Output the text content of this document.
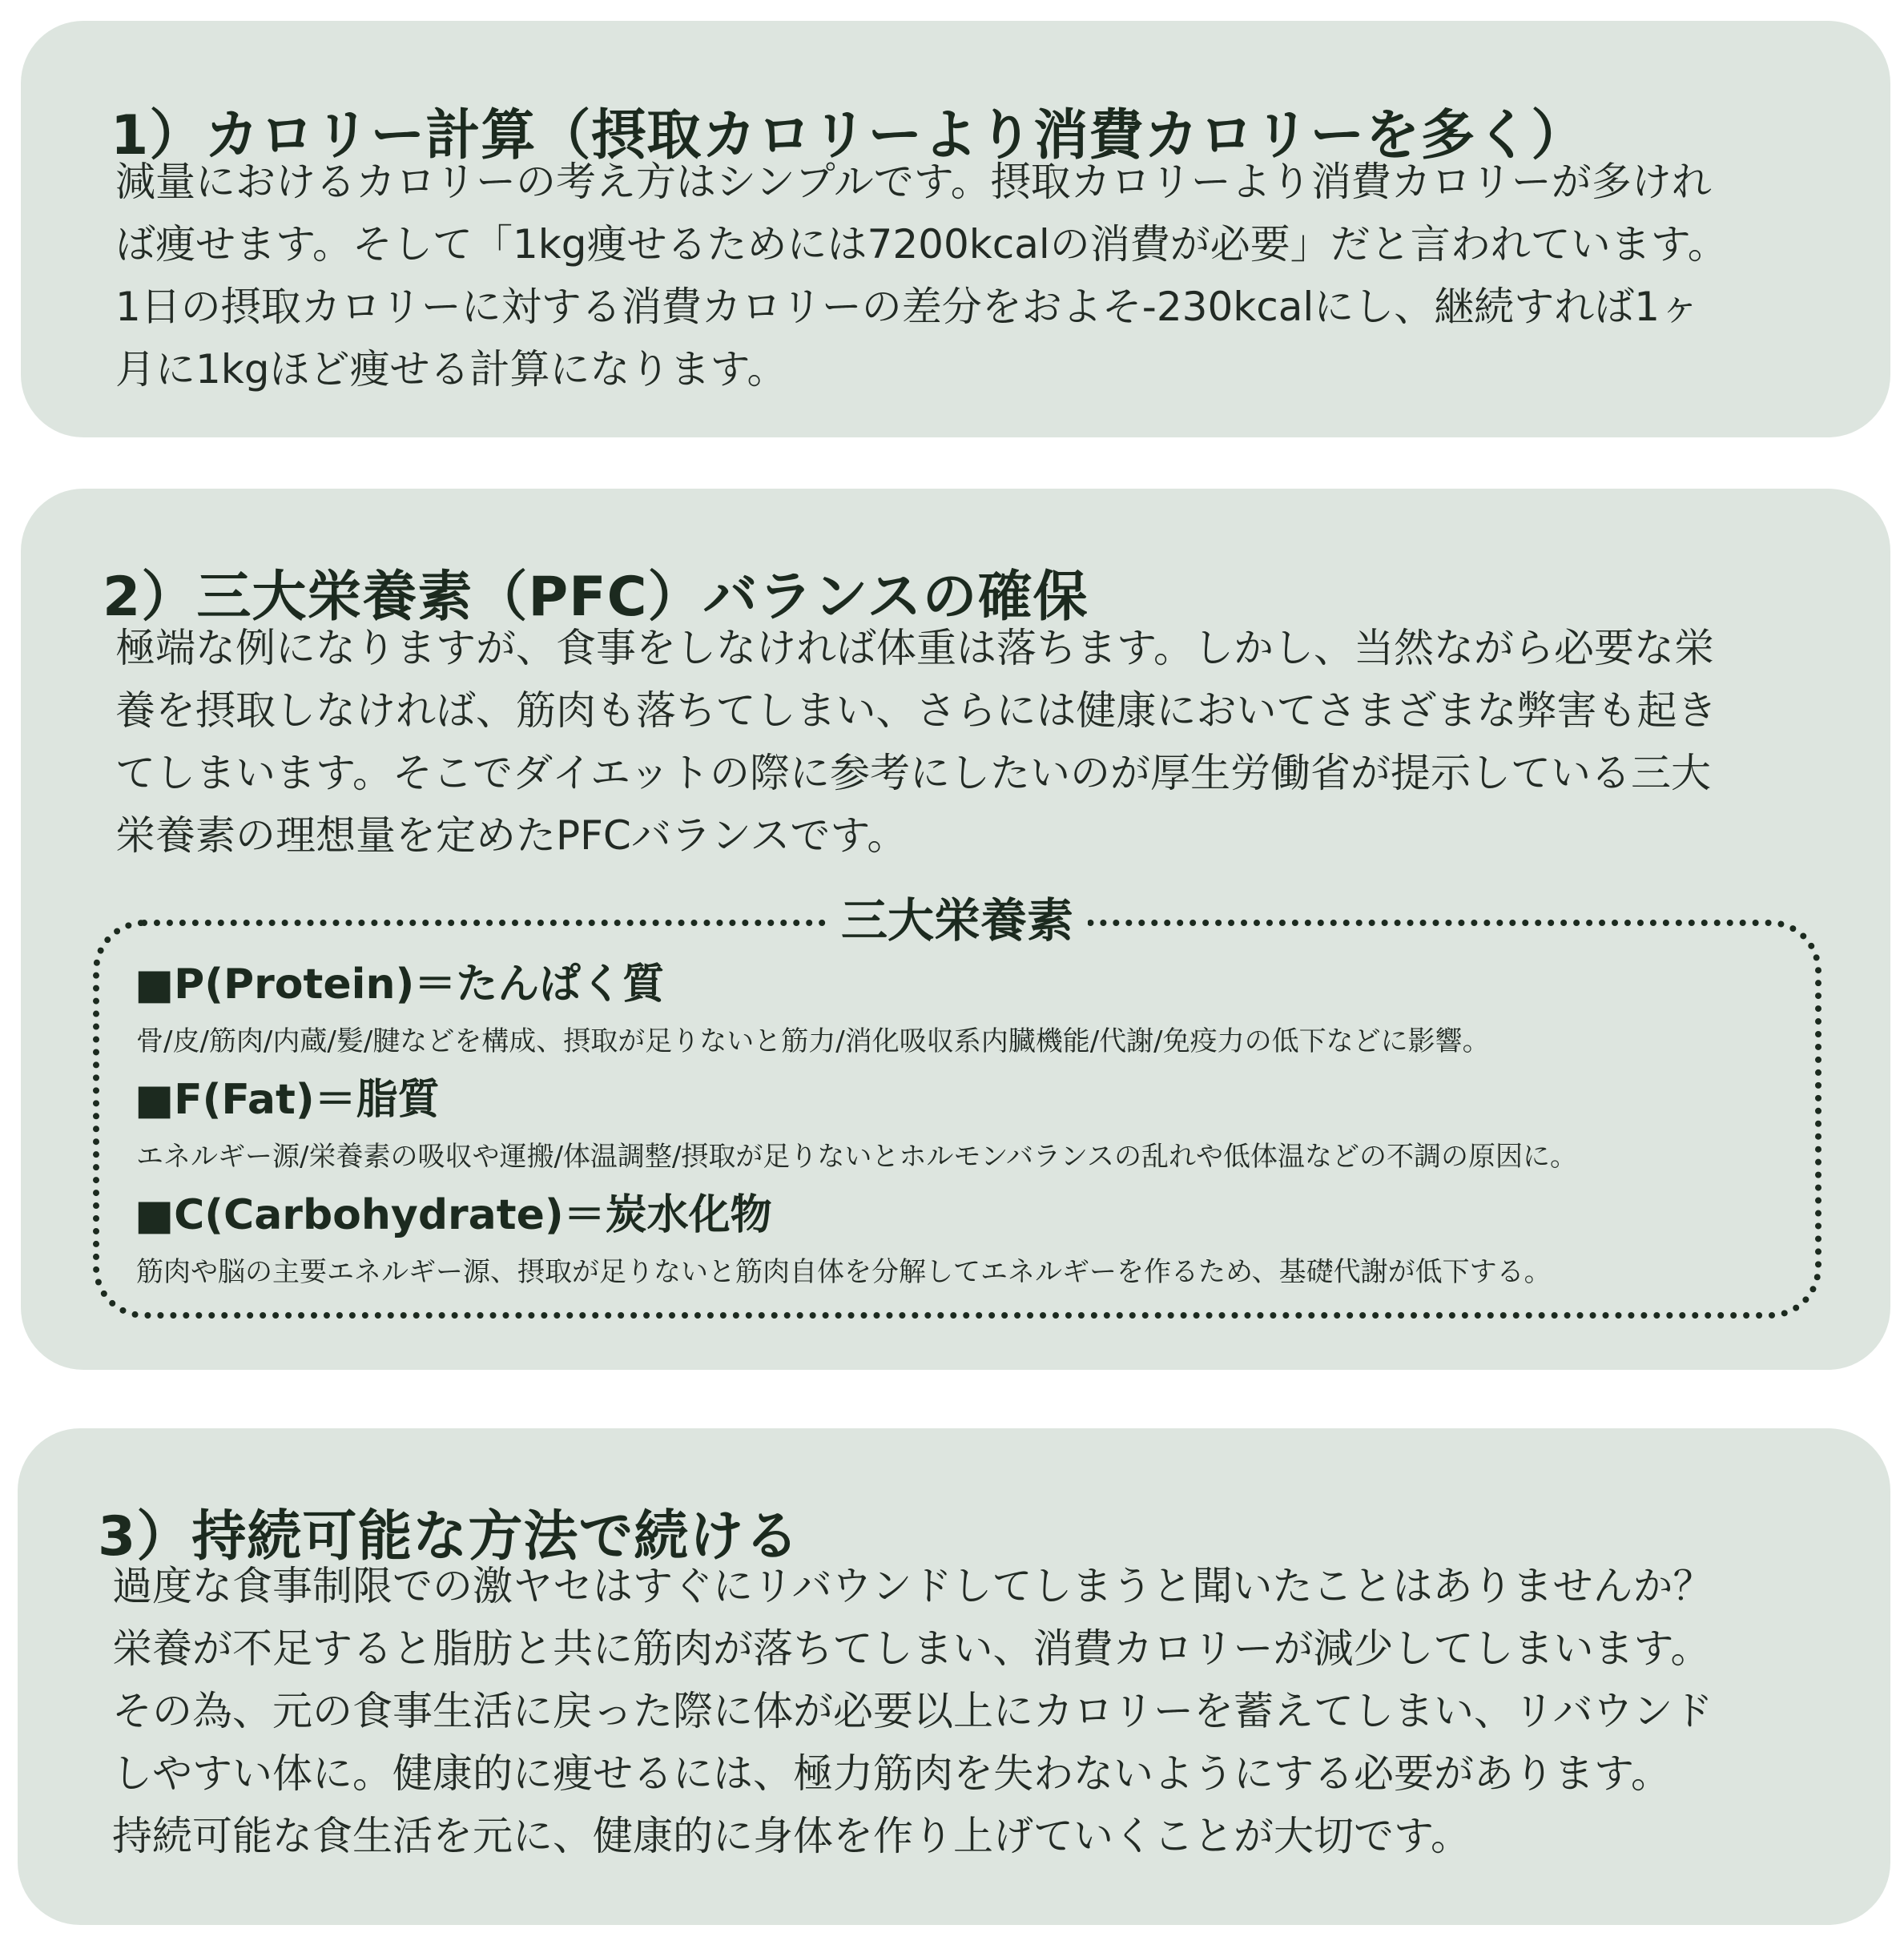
1）カロリー計算（摂取カロリーより消費カロリーを多く）

減量におけるカロリーの考え方はシンプルです。摂取カロリーより消費カロリーが多けれ
ば痩せます。そして「1kg痩せるためには7200kcalの消費が必要」だと言われています。
1日の摂取カロリーに対する消費カロリーの差分をおよそ-230kcalにし、継続すれば1ヶ
月に1kgほど痩せる計算になります。

2）三大栄養素（PFC）バランスの確保

極端な例になりますが、食事をしなければ体重は落ちます。しかし、当然ながら必要な栄
養を摂取しなければ、筋肉も落ちてしまい、さらには健康においてさまざまな弊害も起き
てしまいます。そこでダイエットの際に参考にしたいのが厚生労働省が提示している三大
栄養素の理想量を定めたPFCバランスです。

三大栄養素
■P(Protein)＝たんぱく質
骨/皮/筋肉/内蔵/髪/腱などを構成、摂取が足りないと筋力/消化吸収系内臓機能/代謝/免疫力の低下などに影響。
■F(Fat)＝脂質
エネルギー源/栄養素の吸収や運搬/体温調整/摂取が足りないとホルモンバランスの乱れや低体温などの不調の原因に。
■C(Carbohydrate)＝炭水化物
筋肉や脳の主要エネルギー源、摂取が足りないと筋肉自体を分解してエネルギーを作るため、基礎代謝が低下する。
3）持続可能な方法で続ける

過度な食事制限での激ヤセはすぐにリバウンドしてしまうと聞いたことはありませんか？
栄養が不足すると脂肪と共に筋肉が落ちてしまい、消費カロリーが減少してしまいます。
その為、元の食事生活に戻った際に体が必要以上にカロリーを蓄えてしまい、リバウンド
しやすい体に。健康的に痩せるには、極力筋肉を失わないようにする必要があります。
持続可能な食生活を元に、健康的に身体を作り上げていくことが大切です。
